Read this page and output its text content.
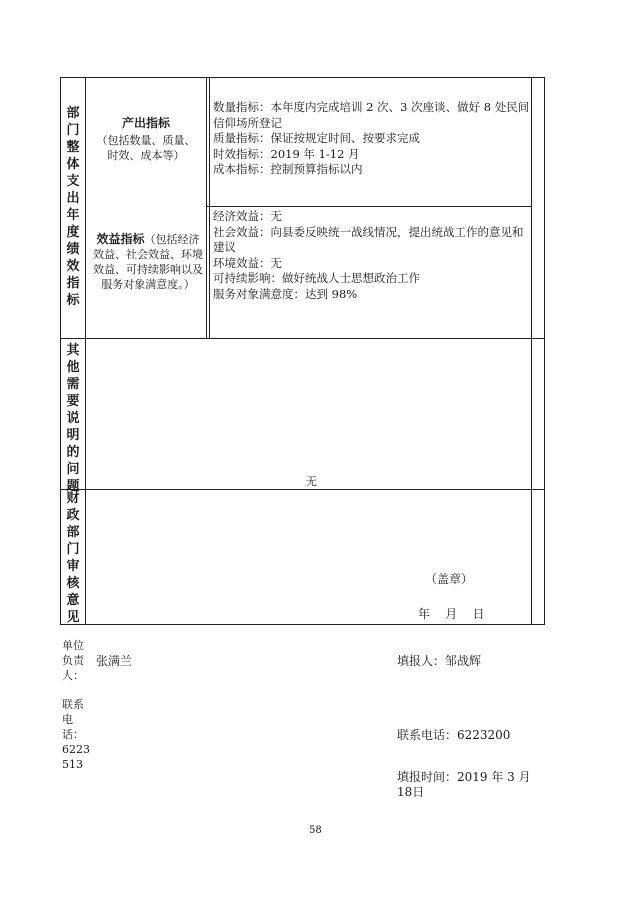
部门整体支出年度绩效指标
其他需要说明的问题
财政部门审核意见
产出指标
（包括数量、质量、时效、成本等）
数量指标：本年度内完成培训 2 次、3 次座谈、做好 8 处民间信仰场所登记
质量指标：保证按规定时间、按要求完成
时效指标：2019 年 1-12 月
成本指标：控制预算指标以内
效益指标（包括经济效益、社会效益、环境效益、可持续影响以及服务对象满意度。）
经济效益：无
社会效益：向县委反映统一战线情况，提出统战工作的意见和建议
环境效益：无
可持续影响：做好统战人士思想政治工作
服务对象满意度：达到 98%
无
（盖章）
年    月    日
单位负责人：
张满兰	填报人：邹战辉
联系电话：6223513
联系电话：6223200
填报时间：2019 年 3 月 18日
58
